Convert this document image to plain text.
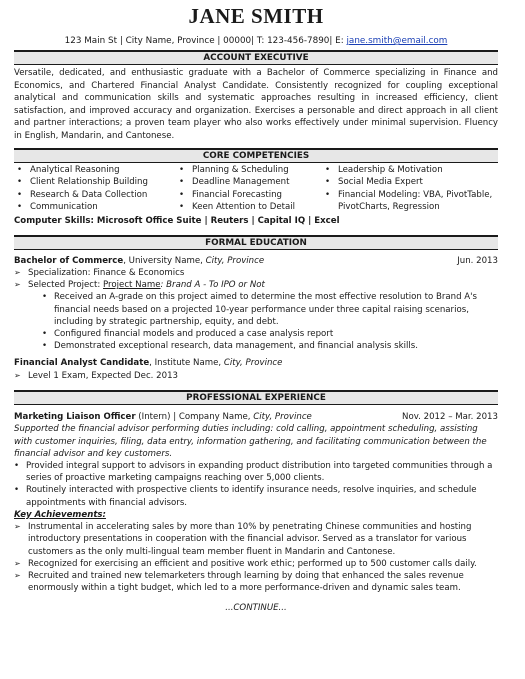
JANE SMITH
123 Main St | City Name, Province | 00000| T: 123-456-7890| E: jane.smith@email.com
ACCOUNT EXECUTIVE

Versatile, dedicated, and enthusiastic graduate with a Bachelor of Commerce specializing in Finance and Economics, and Chartered Financial Analyst Candidate. Consistently recognized for coupling exceptional analytical and communication skills and systematic approaches resulting in increased efficiency, client satisfaction, and improved accuracy and organization. Exercises a personable and direct approach in all client and partner interactions; a proven team player who also works effectively under minimal supervision. Fluency in English, Mandarin, and Cantonese.

CORE COMPETENCIES
• Analytical Reasoning
• Client Relationship Building
• Research & Data Collection
• Communication
• Planning & Scheduling
• Deadline Management
• Financial Forecasting
• Keen Attention to Detail
• Leadership & Motivation
• Social Media Expert
• Financial Modeling: VBA, PivotTable, PivotCharts, Regression
Computer Skills: Microsoft Office Suite | Reuters | Capital IQ | Excel
FORMAL EDUCATION
Bachelor of Commerce, University Name, City, Province	Jun. 2013
➢ Specialization: Finance & Economics
➢ Selected Project: Project Name: Brand A - To IPO or Not
• Received an A-grade on this project aimed to determine the most effective resolution to Brand A's financial needs based on a projected 10-year performance under three capital raising scenarios, including by strategic partnership, equity, and debt.
• Configured financial models and produced a case analysis report
• Demonstrated exceptional research, data management, and financial analysis skills.
Financial Analyst Candidate, Institute Name, City, Province
➢ Level 1 Exam, Expected Dec. 2013
PROFESSIONAL EXPERIENCE
Marketing Liaison Officer (Intern) | Company Name, City, Province	Nov. 2012 – Mar. 2013
Supported the financial advisor performing duties including: cold calling, appointment scheduling, assisting with customer inquiries, filing, data entry, information gathering, and facilitating communication between the financial advisor and key customers.
• Provided integral support to advisors in expanding product distribution into targeted communities through a series of proactive marketing campaigns reaching over 5,000 clients.
• Routinely interacted with prospective clients to identify insurance needs, resolve inquiries, and schedule appointments with financial advisors.
Key Achievements:
➢ Instrumental in accelerating sales by more than 10% by penetrating Chinese communities and hosting introductory presentations in cooperation with the financial advisor. Served as a translator for various customers as the only multi-lingual team member fluent in Mandarin and Cantonese.
➢ Recognized for exercising an efficient and positive work ethic; performed up to 500 customer calls daily.
➢ Recruited and trained new telemarketers through learning by doing that enhanced the sales revenue enormously within a tight budget, which led to a more performance-driven and dynamic sales team.
...CONTINUE...
